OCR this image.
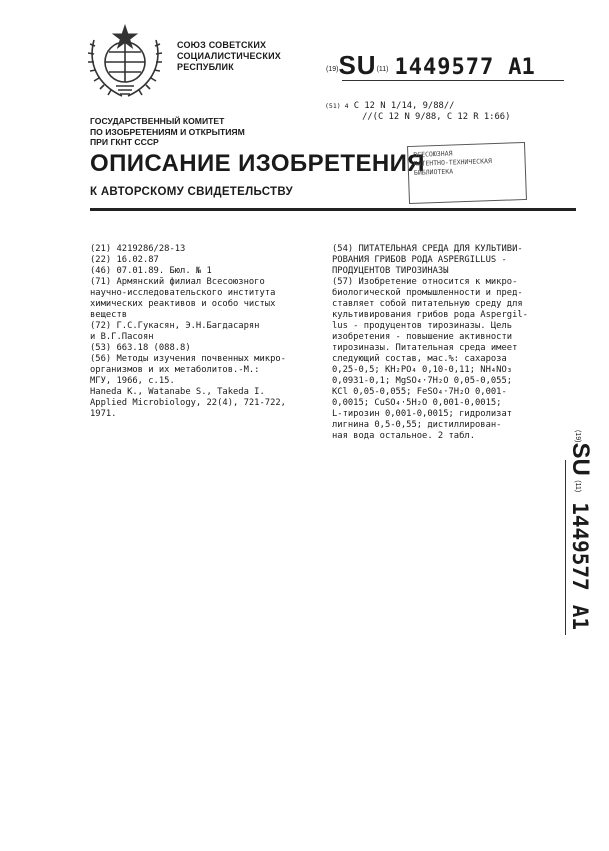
СОЮЗ СОВЕТСКИХ
СОЦИАЛИСТИЧЕСКИХ
РЕСПУБЛИК	(19)SU(11) 1449577 A1
(51) 4 C 12 N 1/14, 9/88//
//(C 12 N 9/88, C 12 R 1:66)
ГОСУДАРСТВЕННЫЙ КОМИТЕТ
ПО ИЗОБРЕТЕНИЯМ И ОТКРЫТИЯМ
ПРИ ГКНТ СССР
ОПИСАНИЕ ИЗОБРЕТЕНИЯ
К АВТОРСКОМУ СВИДЕТЕЛЬСТВУ
ВСЕСОЮЗНАЯ
ПАТЕНТНО-ТЕХНИЧЕСКАЯ
БИБЛИОТЕКА
(21) 4219286/28-13
(22) 16.02.87
(46) 07.01.89. Бюл. № 1
(71) Армянский филиал Всесоюзного
научно-исследовательского института
химических реактивов и особо чистых
веществ
(72) Г.С.Гукасян, Э.Н.Багдасарян
и В.Г.Пасоян
(53) 663.18 (088.8)
(56) Методы изучения почвенных микро-
организмов и их метаболитов.-М.:
МГУ, 1966, с.15.
Haneda K., Watanabe S., Takeda I.
Applied Microbiology, 22(4), 721-722,
1971.
(54) ПИТАТЕЛЬНАЯ СРЕДА ДЛЯ КУЛЬТИВИ-
РОВАНИЯ ГРИБОВ РОДА ASPERGILLUS -
ПРОДУЦЕНТОВ ТИРОЗИНАЗЫ
(57) Изобретение относится к микро-
биологической промышленности и пред-
ставляет собой питательную среду для
культивирования грибов рода Aspergil-
lus - продуцентов тирозиназы. Цель
изобретения - повышение активности
тирозиназы. Питательная среда имеет
следующий состав, мас.%: сахароза
0,25-0,5; KH₂PO₄ 0,10-0,11; NH₄NO₃
0,0931-0,1; MgSO₄·7H₂O 0,05-0,055;
KCl 0,05-0,055; FeSO₄·7H₂O 0,001-
0,0015; CuSO₄·5H₂O 0,001-0,0015;
L-тирозин 0,001-0,0015; гидролизат
лигнина 0,5-0,55; дистиллирован-
ная вода остальное. 2 табл.	(19)SU (11)1449577A1
